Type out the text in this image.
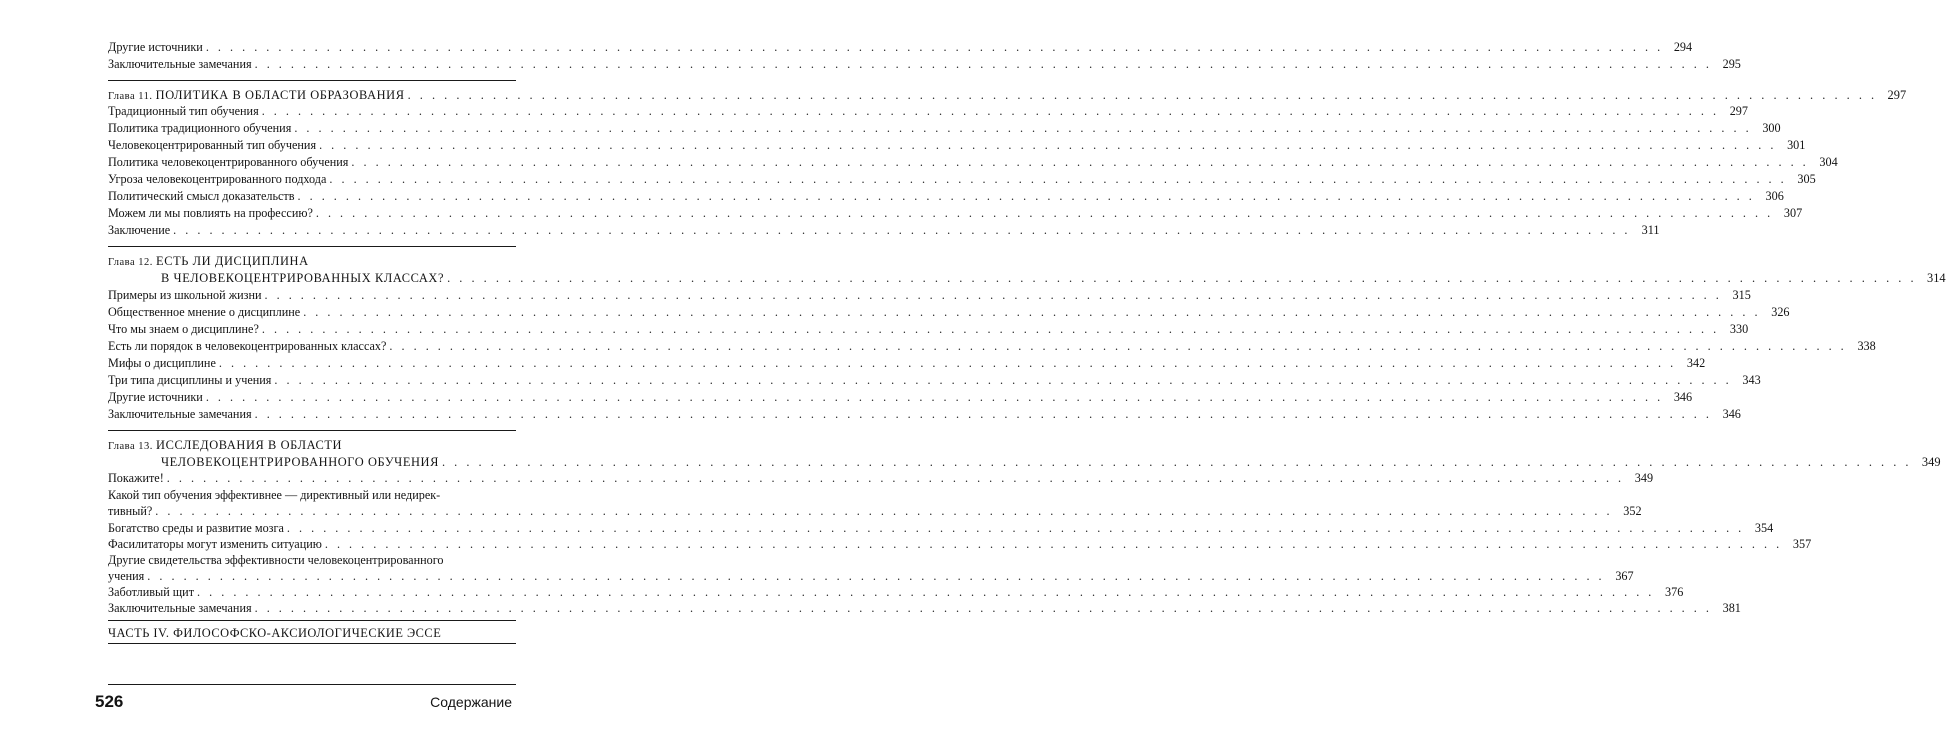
Другие источники . . .	294
Заключительные замечания . . .	295
Глава 11. ПОЛИТИКА В ОБЛАСТИ ОБРАЗОВАНИЯ . . .	297
Традиционный тип обучения . . .	297
Политика традиционного обучения . . .	300
Человекоцентрированный тип обучения . . .	301
Политика человекоцентрированного обучения . . .	304
Угроза человекоцентрированного подхода . . .	305
Политический смысл доказательств . . .	306
Можем ли мы повлиять на профессию? . . .	307
Заключение . . .	311
Глава 12. ЕСТЬ ЛИ ДИСЦИПЛИНА
В ЧЕЛОВЕКОЦЕНТРИРОВАННЫХ КЛАССАХ? . . .	314
Примеры из школьной жизни . . .	315
Общественное мнение о дисциплине . . .	326
Что мы знаем о дисциплине? . . .	330
Есть ли порядок в человекоцентрированных классах? . . .	338
Мифы о дисциплине . . .	342
Три типа дисциплины и учения . . .	343
Другие источники . . .	346
Заключительные замечания . . .	346
Глава 13. ИССЛЕДОВАНИЯ В ОБЛАСТИ
ЧЕЛОВЕКОЦЕНТРИРОВАННОГО ОБУЧЕНИЯ . . .	349
Покажите! . . .	349
Какой тип обучения эффективнее — директивный или недирек-
тивный? . . .	352
Богатство среды и развитие мозга . . .	354
Фасилитаторы могут изменить ситуацию . . .	357
Другие свидетельства эффективности человекоцентрированного
учения . . .	367
Заботливый щит . . .	376
Заключительные замечания . . .	381
526	Содержание
ЧАСТЬ IV. ФИЛОСОФСКО-АКСИОЛОГИЧЕСКИЕ ЭССЕ
